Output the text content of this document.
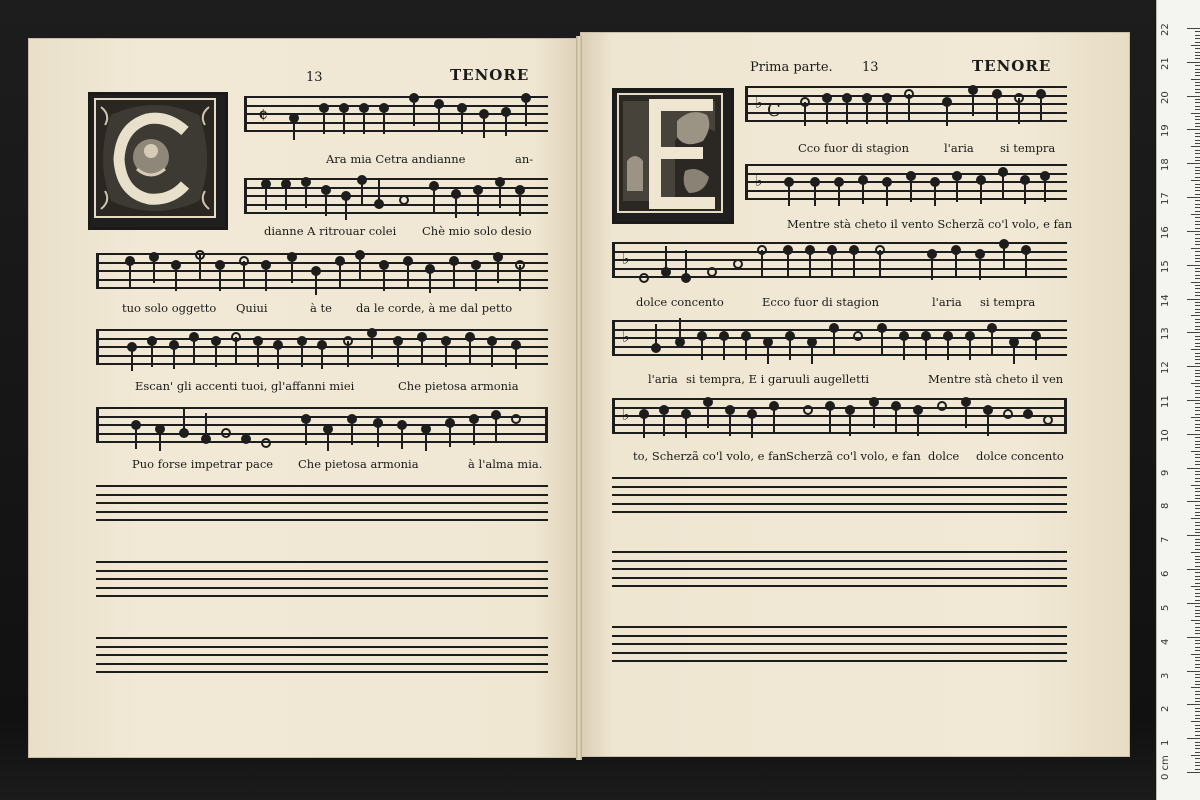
13	TENORE	Prima parte. 13	TENORE
𝄵
Ara mia Cetra andianne	an-
dianne A ritrouar colei Chè mio solo desio
tuo solo oggetto Quiui	à te da le corde, à me dal petto
Escan' gli accenti tuoi, gl'affanni miei	Che pietosa armonia
Puo forse impetrar pace Che pietosa armonia	à l'alma mia.
♭ C
Cco fuor di stagion	l'aria si tempra
♭
Mentre stà cheto il vento Scherzã co'l volo, e fan
♭
dolce concento	Ecco fuor di stagion	l'aria si tempra
♭
l'aria si tempra, E i garuuli augelletti	Mentre stà cheto il ven
♭
to, Scherzã co'l volo, e fan Scherzã co'l volo, e fan dolce dolce concento
22
21
20
19
18
17
16
15
14
13
12
11
10
9
8
7
6
5
4
3
2
1
0 cm
